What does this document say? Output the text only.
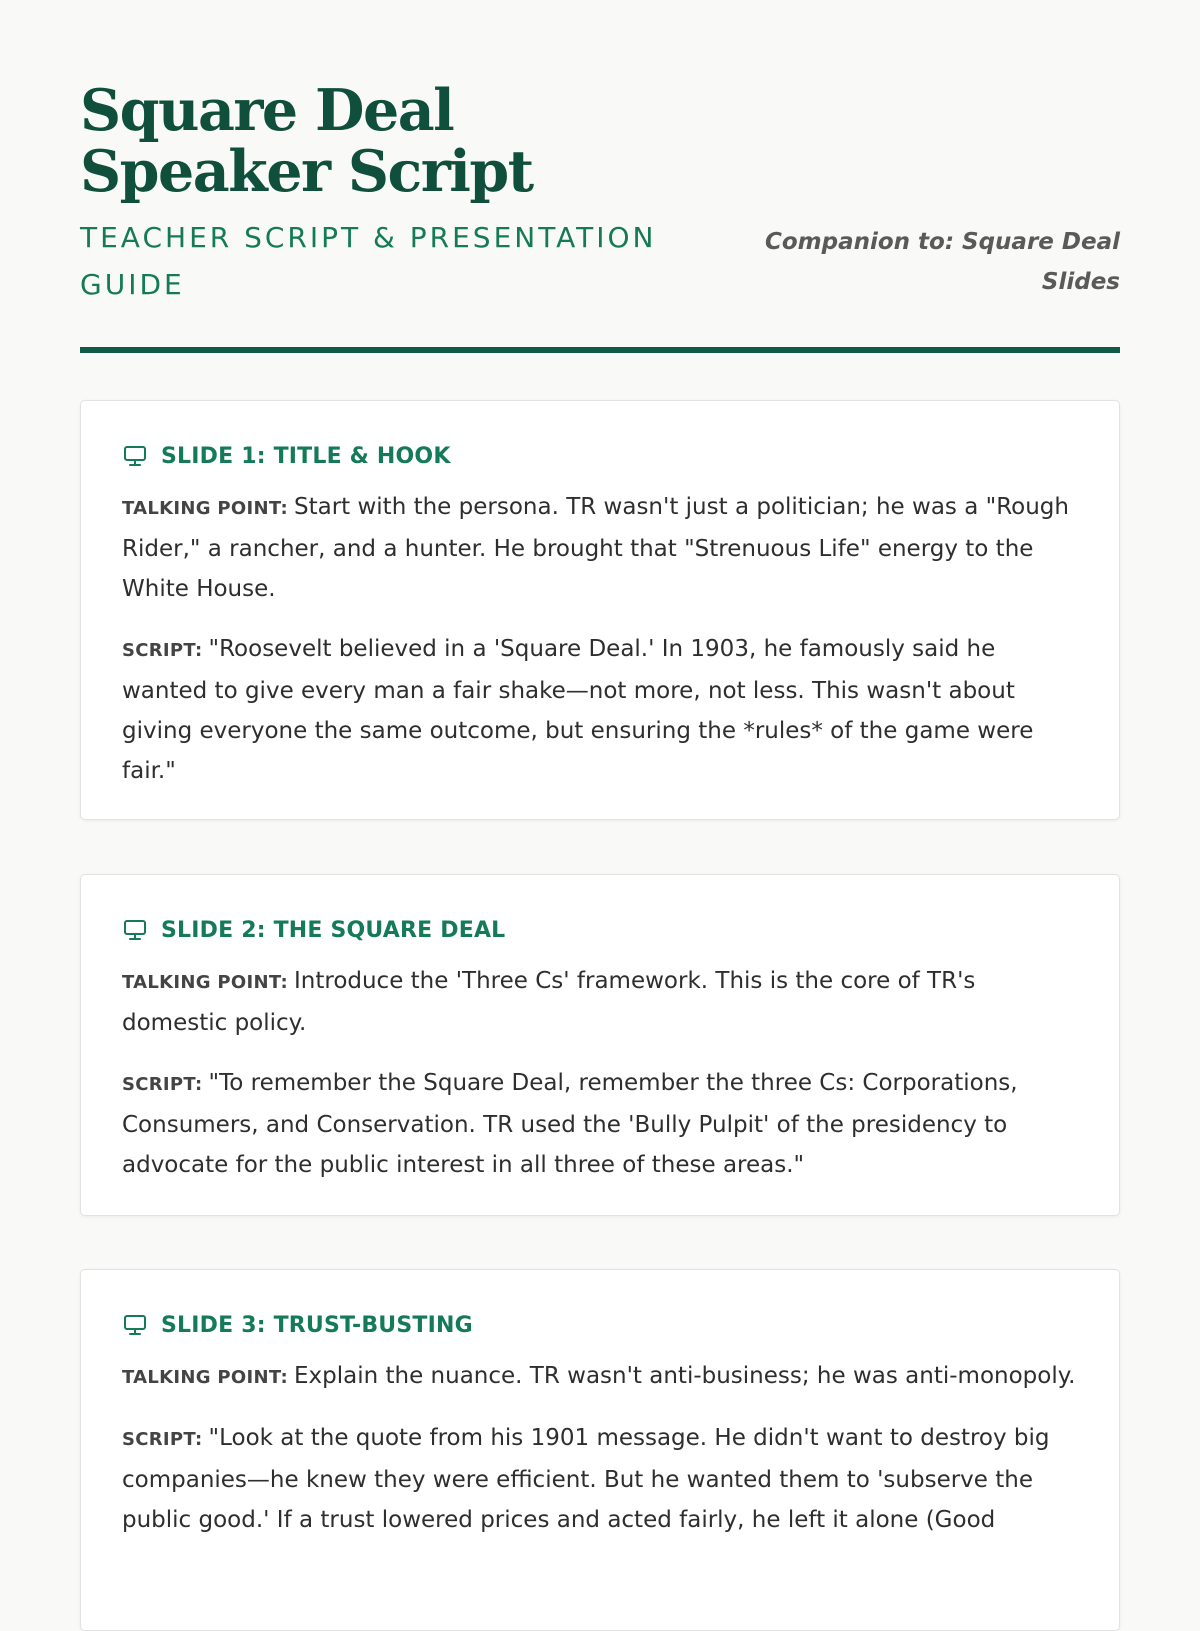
Square Deal Speaker Script
TEACHER SCRIPT & PRESENTATION GUIDE
Companion to: Square Deal Slides
SLIDE 1: TITLE & HOOK

TALKING POINT: Start with the persona. TR wasn't just a politician; he was a "Rough Rider," a rancher, and a hunter. He brought that "Strenuous Life" energy to the White House.

SCRIPT: "Roosevelt believed in a 'Square Deal.' In 1903, he famously said he wanted to give every man a fair shake—not more, not less. This wasn't about giving everyone the same outcome, but ensuring the *rules* of the game were fair."

SLIDE 2: THE SQUARE DEAL

TALKING POINT: Introduce the 'Three Cs' framework. This is the core of TR's domestic policy.

SCRIPT: "To remember the Square Deal, remember the three Cs: Corporations, Consumers, and Conservation. TR used the 'Bully Pulpit' of the presidency to advocate for the public interest in all three of these areas."

SLIDE 3: TRUST-BUSTING

TALKING POINT: Explain the nuance. TR wasn't anti-business; he was anti-monopoly.

SCRIPT: "Look at the quote from his 1901 message. He didn't want to destroy big companies—he knew they were efficient. But he wanted them to 'subserve the public good.' If a trust lowered prices and acted fairly, he left it alone (Good
